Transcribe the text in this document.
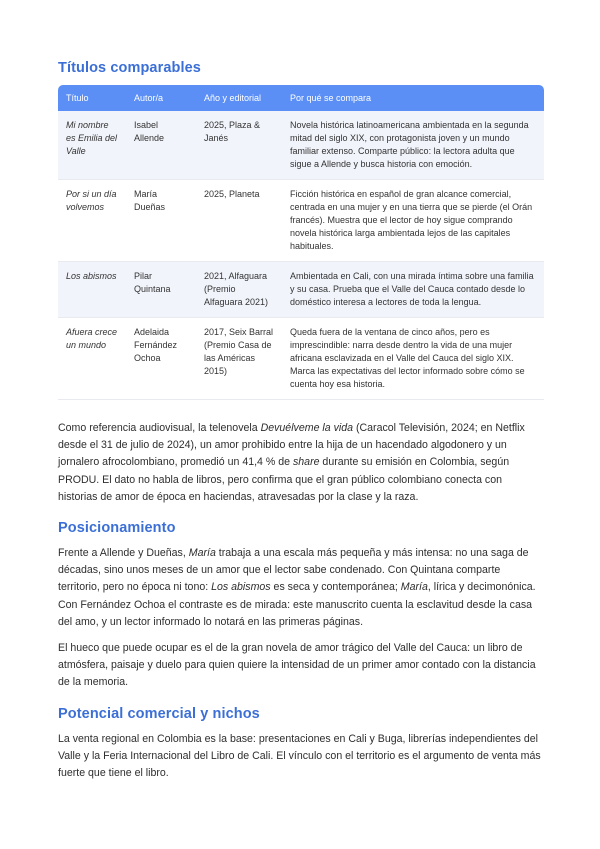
Títulos comparables
Título	Autor/a	Año y editorial	Por qué se compara
Mi nombre es Emilia del Valle	Isabel Allende	2025, Plaza & Janés	Novela histórica latinoamericana ambientada en la segunda mitad del siglo XIX, con protagonista joven y un mundo familiar extenso. Comparte público: la lectora adulta que sigue a Allende y busca historia con emoción.
Por si un día volvemos	María Dueñas	2025, Planeta	Ficción histórica en español de gran alcance comercial, centrada en una mujer y en una tierra que se pierde (el Orán francés). Muestra que el lector de hoy sigue comprando novela histórica larga ambientada lejos de las capitales habituales.
Los abismos	Pilar Quintana	2021, Alfaguara (Premio Alfaguara 2021)	Ambientada en Cali, con una mirada íntima sobre una familia y su casa. Prueba que el Valle del Cauca contado desde lo doméstico interesa a lectores de toda la lengua.
Afuera crece un mundo	Adelaida Fernández Ochoa	2017, Seix Barral (Premio Casa de las Américas 2015)	Queda fuera de la ventana de cinco años, pero es imprescindible: narra desde dentro la vida de una mujer africana esclavizada en el Valle del Cauca del siglo XIX. Marca las expectativas del lector informado sobre cómo se cuenta hoy esa historia.

Como referencia audiovisual, la telenovela Devuélveme la vida (Caracol Televisión, 2024; en Netflix desde el 31 de julio de 2024), un amor prohibido entre la hija de un hacendado algodonero y un jornalero afrocolombiano, promedió un 41,4 % de share durante su emisión en Colombia, según PRODU. El dato no habla de libros, pero confirma que el gran público colombiano conecta con historias de amor de época en haciendas, atravesadas por la clase y la raza.

Posicionamiento

Frente a Allende y Dueñas, María trabaja a una escala más pequeña y más intensa: no una saga de décadas, sino unos meses de un amor que el lector sabe condenado. Con Quintana comparte territorio, pero no época ni tono: Los abismos es seca y contemporánea; María, lírica y decimonónica. Con Fernández Ochoa el contraste es de mirada: este manuscrito cuenta la esclavitud desde la casa del amo, y un lector informado lo notará en las primeras páginas.

El hueco que puede ocupar es el de la gran novela de amor trágico del Valle del Cauca: un libro de atmósfera, paisaje y duelo para quien quiere la intensidad de un primer amor contado con la distancia de la memoria.

Potencial comercial y nichos

La venta regional en Colombia es la base: presentaciones en Cali y Buga, librerías independientes del Valle y la Feria Internacional del Libro de Cali. El vínculo con el territorio es el argumento de venta más fuerte que tiene el libro.
